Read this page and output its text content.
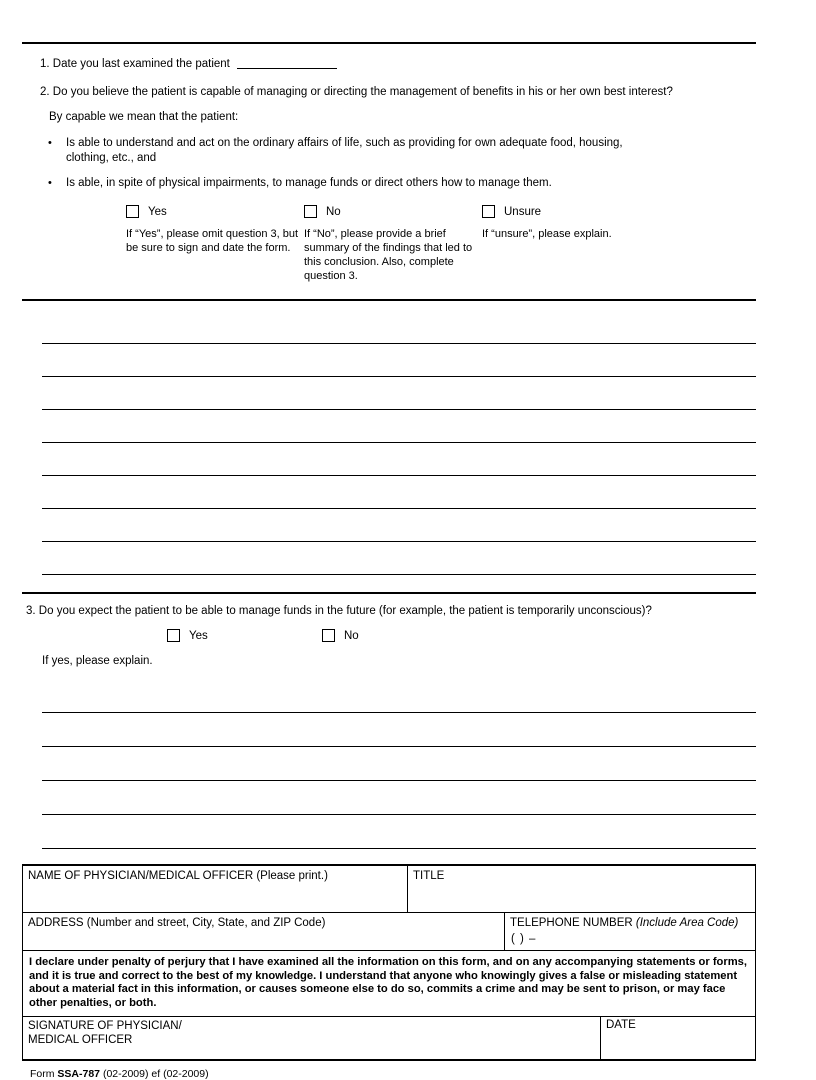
1. Date you last examined the patient
2. Do you believe the patient is capable of managing or directing the management of benefits in his or her own best interest?
By capable we mean that the patient:
•	Is able to understand and act on the ordinary affairs of life, such as providing for own adequate food, housing, clothing, etc., and
•	Is able, in spite of physical impairments, to manage funds or direct others how to manage them.
Yes
If “Yes”, please omit question 3, but be sure to sign and date the form.
No
If “No”, please provide a brief summary of the findings that led to this conclusion. Also, complete question 3.
Unsure
If “unsure”, please explain.
3. Do you expect the patient to be able to manage funds in the future (for example, the patient is temporarily unconscious)?
Yes	No
If yes, please explain.
NAME OF PHYSICIAN/MEDICAL OFFICER (Please print.)	TITLE
ADDRESS (Number and street, City, State, and ZIP Code)	TELEPHONE NUMBER (Include Area Code)
( ) –
I declare under penalty of perjury that I have examined all the information on this form, and on any accompanying statements or forms, and it is true and correct to the best of my knowledge. I understand that anyone who knowingly gives a false or misleading statement about a material fact in this information, or causes someone else to do so, commits a crime and may be sent to prison, or may face other penalties, or both.
SIGNATURE OF PHYSICIAN/
MEDICAL OFFICER
DATE
Form SSA-787 (02-2009) ef (02-2009)
